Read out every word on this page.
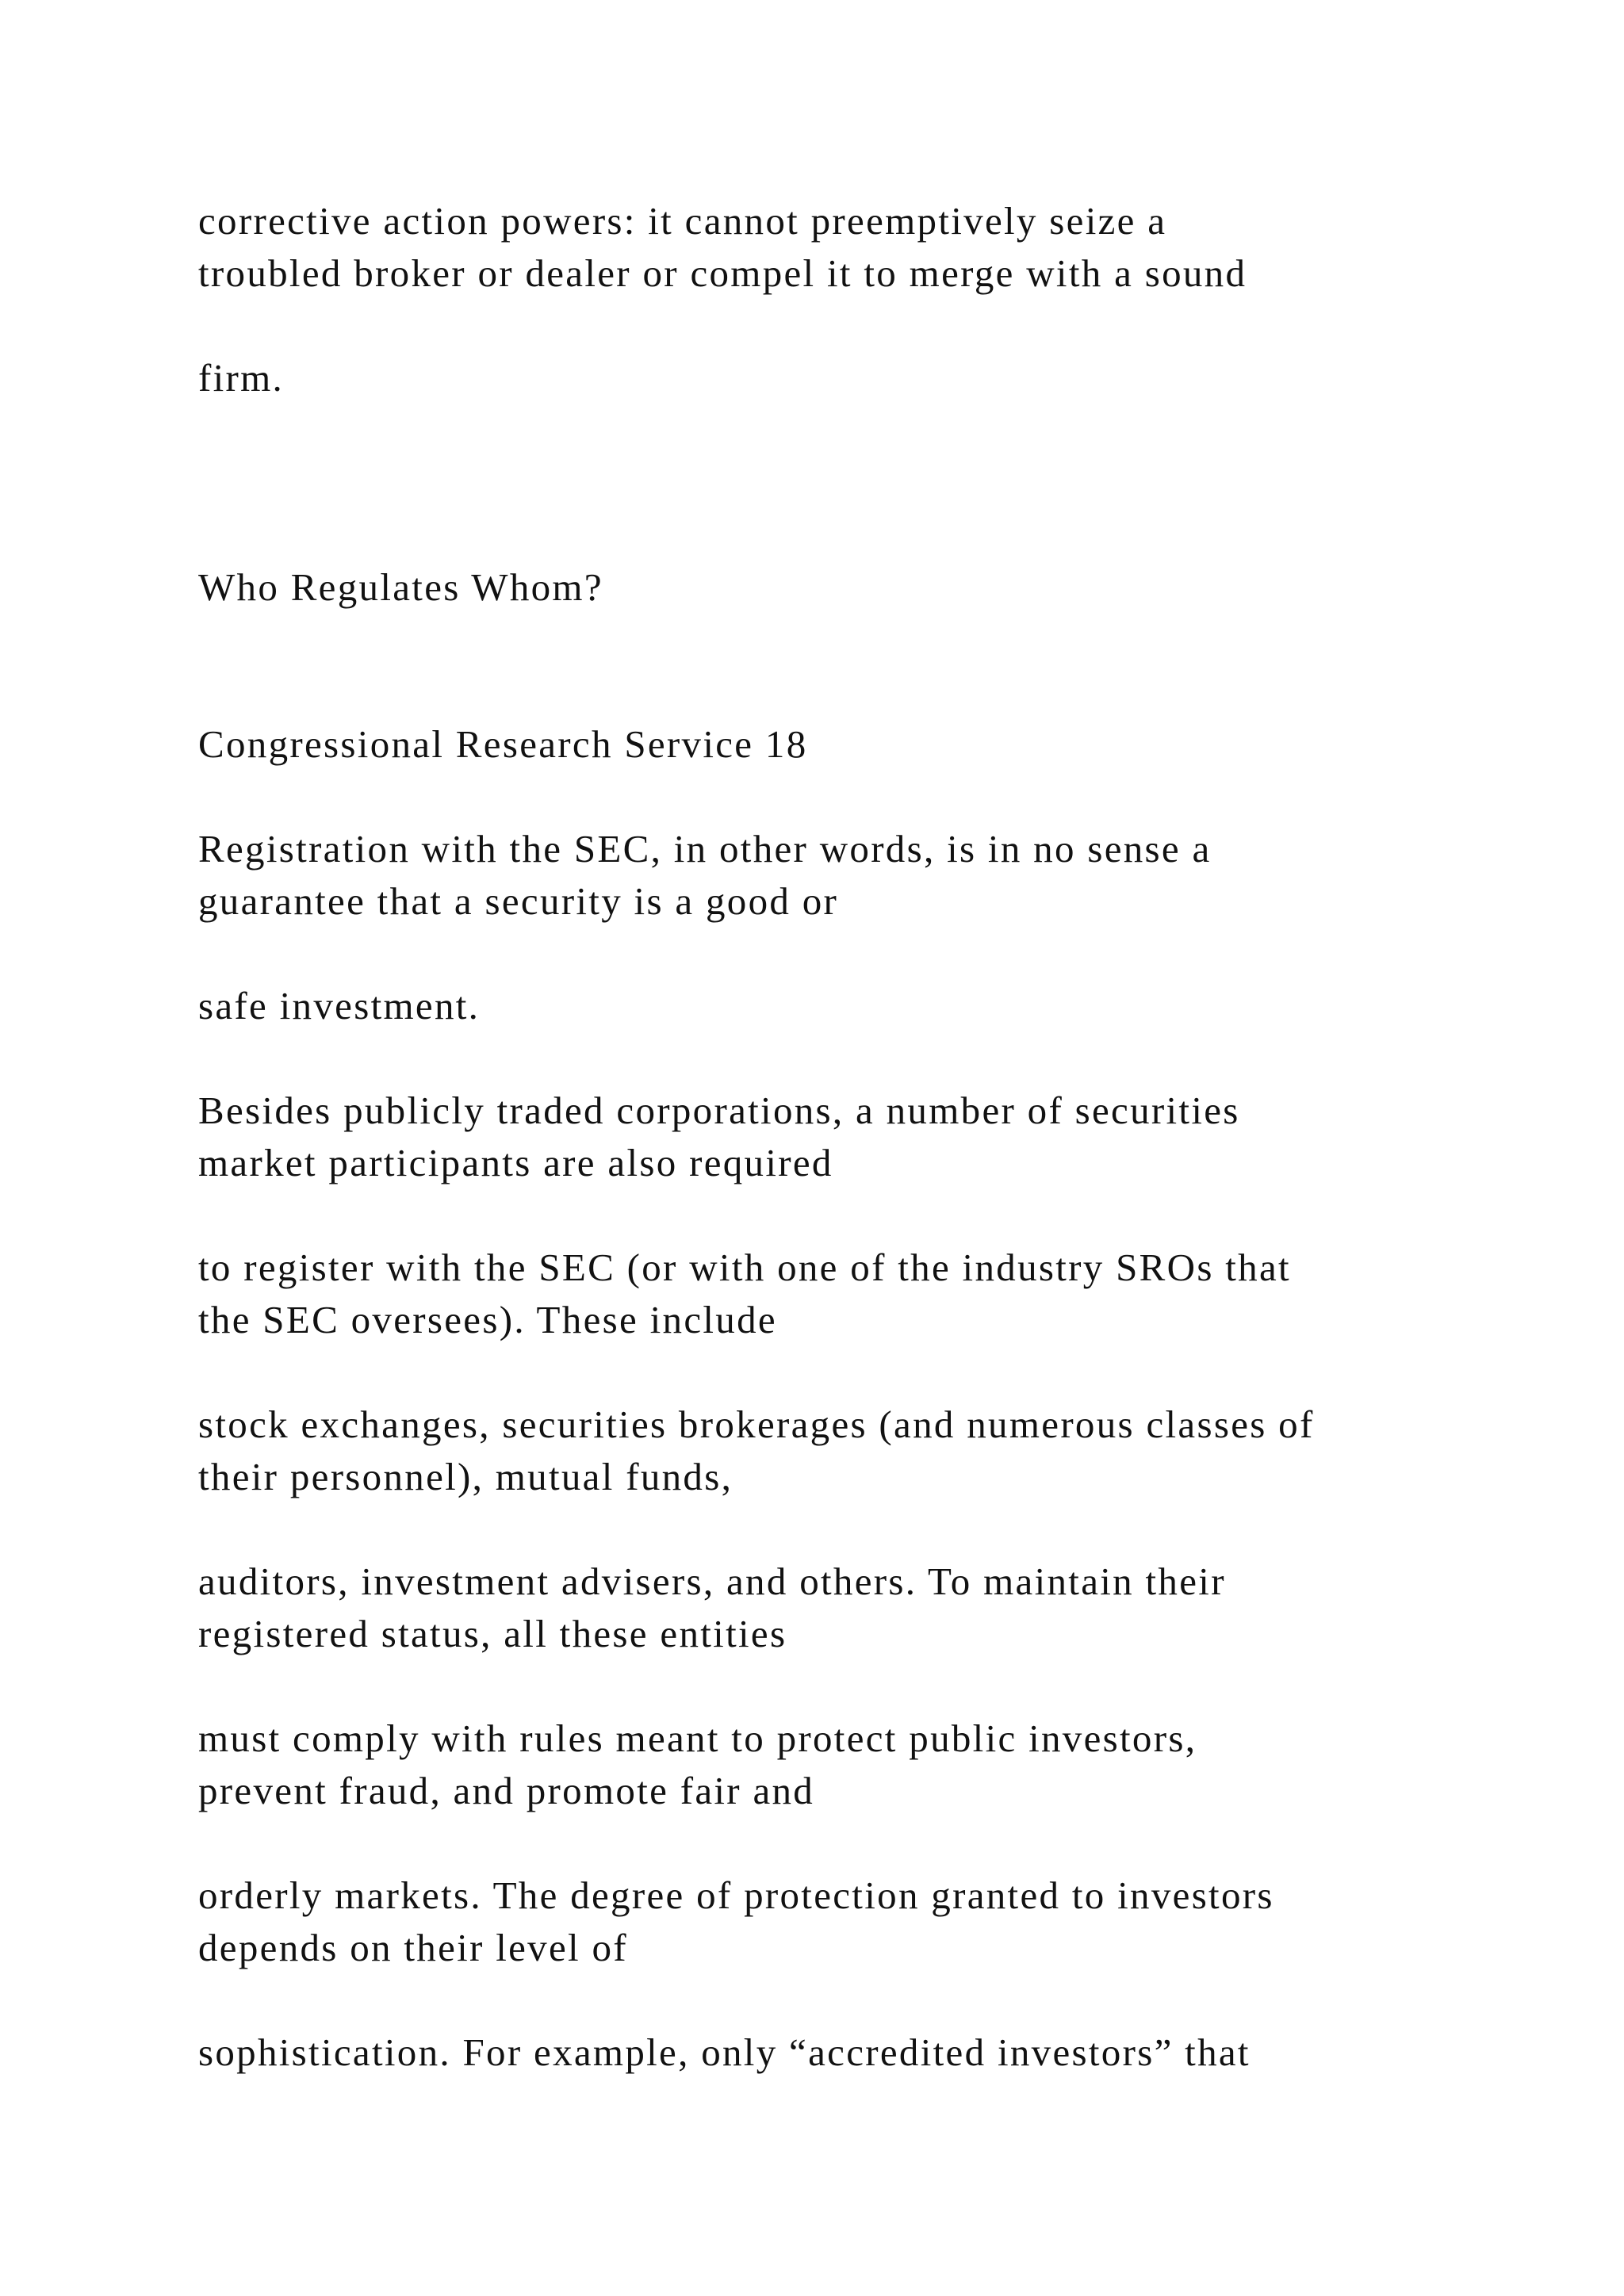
corrective action powers: it cannot preemptively seize a

troubled broker or dealer or compel it to merge with a sound

firm.

Who Regulates Whom?

Congressional Research Service 18

Registration with the SEC, in other words, is in no sense a

guarantee that a security is a good or

safe investment.

Besides publicly traded corporations, a number of securities

market participants are also required

to register with the SEC (or with one of the industry SROs that

the SEC oversees). These include

stock exchanges, securities brokerages (and numerous classes of

their personnel), mutual funds,

auditors, investment advisers, and others. To maintain their

registered status, all these entities

must comply with rules meant to protect public investors,

prevent fraud, and promote fair and

orderly markets. The degree of protection granted to investors

depends on their level of

sophistication. For example, only “accredited investors” that
